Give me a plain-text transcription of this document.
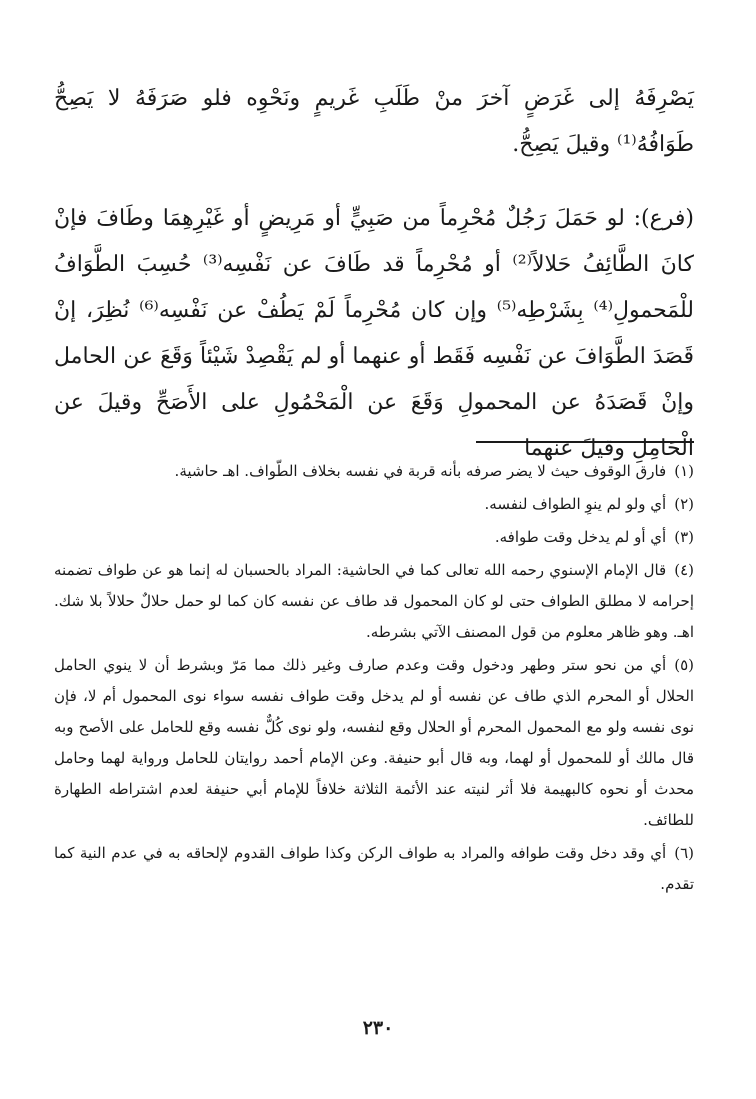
يَصْرِفَهُ إلى غَرَضٍ آخرَ منْ طَلَبِ غَريمٍ ونَحْوِه فلو صَرَفَهُ لا يَصِحُّ طَوَافُهُ⁽¹⁾ وقيلَ يَصِحُّ.

(فرع): لو حَمَلَ رَجُلٌ مُحْرِماً من صَبِيٍّ أو مَرِيضٍ أو غَيْرِهِمَا وطَافَ فإنْ كانَ الطَّائِفُ حَلالاً⁽²⁾ أو مُحْرِماً قد طَافَ عن نَفْسِه⁽³⁾ حُسِبَ الطَّوَافُ للْمَحمولِ⁽⁴⁾ بِشَرْطِه⁽⁵⁾ وإن كان مُحْرِماً لَمْ يَطُفْ عن نَفْسِه⁽⁶⁾ نُظِرَ، إنْ قَصَدَ الطَّوَافَ عن نَفْسِه فَقَط أو عنهما أو لم يَقْصِدْ شَيْئاً وَقَعَ عن الحامل وإنْ قَصَدَهُ عن المحمولِ وَقَعَ عن الْمَحْمُولِ على الأَصَحِّ وقيلَ عن الْحَامِلِ وقيلَ عنهما

(١)فارق الوقوف حيث لا يضر صرفه بأنه قربة في نفسه بخلاف الطّواف. اهـ حاشية.

(٢)أي ولو لم ينوِ الطواف لنفسه.

(٣)أي أو لم يدخل وقت طوافه.

(٤)قال الإمام الإسنوي رحمه الله تعالى كما في الحاشية: المراد بالحسبان له إنما هو عن طواف تضمنه إحرامه لا مطلق الطواف حتى لو كان المحمول قد طاف عن نفسه كان كما لو حمل حلالٌ حلالاً بلا شك. اهـ. وهو ظاهر معلوم من قول المصنف الآتي بشرطه.

(٥)أي من نحو ستر وطهر ودخول وقت وعدم صارف وغير ذلك مما مَرّ وبشرط أن لا ينوي الحامل الحلال أو المحرم الذي طاف عن نفسه أو لم يدخل وقت طواف نفسه سواء نوى المحمول أم لا، فإن نوى نفسه ولو مع المحمول المحرم أو الحلال وقع لنفسه، ولو نوى كُلٌّ نفسه وقع للحامل على الأصح وبه قال مالك أو للمحمول أو لهما، وبه قال أبو حنيفة. وعن الإمام أحمد روايتان للحامل ورواية لهما وحامل محدث أو نحوه كالبهيمة فلا أثر لنيته عند الأئمة الثلاثة خلافاً للإمام أبي حنيفة لعدم اشتراطه الطهارة للطائف.

(٦)أي وقد دخل وقت طوافه والمراد به طواف الركن وكذا طواف القدوم لإلحاقه به في عدم النية كما تقدم.

٢٣٠
